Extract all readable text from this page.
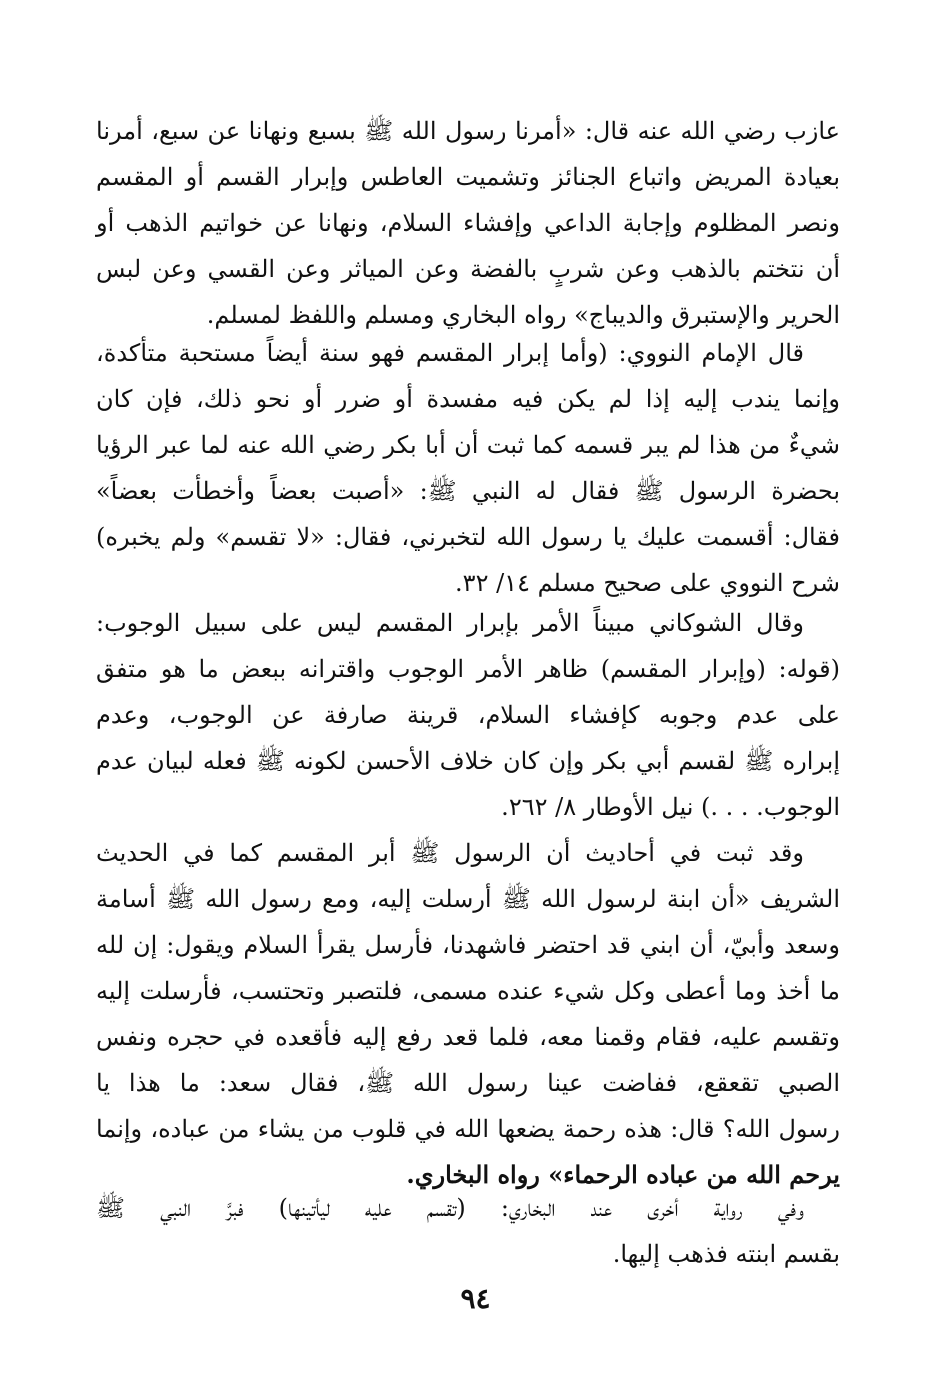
عازب رضي الله عنه قال: «أمرنا رسول الله ﷺ بسبع ونهانا عن سبع، أمرنا
بعيادة المريض واتباع الجنائز وتشميت العاطس وإبرار القسم أو المقسم
ونصر المظلوم وإجابة الداعي وإفشاء السلام، ونهانا عن خواتيم الذهب أو
أن نتختم بالذهب وعن شربٍ بالفضة وعن المياثر وعن القسي وعن لبس
الحرير والإستبرق والديباج» رواه البخاري ومسلم واللفظ لمسلم.

قال الإمام النووي: (وأما إبرار المقسم فهو سنة أيضاً مستحبة متأكدة،
وإنما يندب إليه إذا لم يكن فيه مفسدة أو ضرر أو نحو ذلك، فإن كان
شيءٌ من هذا لم يبر قسمه كما ثبت أن أبا بكر رضي الله عنه لما عبر الرؤيا
بحضرة الرسول ﷺ فقال له النبي ﷺ: «أصبت بعضاً وأخطأت بعضاً»
فقال: أقسمت عليك يا رسول الله لتخبرني، فقال: «لا تقسم» ولم يخبره)
شرح النووي على صحيح مسلم ١٤/ ٣٢.

وقال الشوكاني مبيناً الأمر بإبرار المقسم ليس على سبيل الوجوب:
(قوله: (وإبرار المقسم) ظاهر الأمر الوجوب واقترانه ببعض ما هو متفق
على عدم وجوبه كإفشاء السلام، قرينة صارفة عن الوجوب، وعدم
إبراره ﷺ لقسم أبي بكر وإن كان خلاف الأحسن لكونه ﷺ فعله لبيان عدم
الوجوب. . . .) نيل الأوطار ٨/ ٢٦٢.

وقد ثبت في أحاديث أن الرسول ﷺ أبر المقسم كما في الحديث
الشريف «أن ابنة لرسول الله ﷺ أرسلت إليه، ومع رسول الله ﷺ أسامة
وسعد وأبيّ، أن ابني قد احتضر فاشهدنا، فأرسل يقرأ السلام ويقول: إن لله
ما أخذ وما أعطى وكل شيء عنده مسمى، فلتصبر وتحتسب، فأرسلت إليه
وتقسم عليه، فقام وقمنا معه، فلما قعد رفع إليه فأقعده في حجره ونفس
الصبي تقعقع، ففاضت عينا رسول الله ﷺ، فقال سعد: ما هذا يا
رسول الله؟ قال: هذه رحمة يضعها الله في قلوب من يشاء من عباده، وإنما
يرحم الله من عباده الرحماء» رواه البخاري.

وفي رواية أخرى عند البخاري: (تقسم عليه ليأتينها) فبرَّ النبي ﷺ
بقسم ابنته فذهب إليها.

٩٤
